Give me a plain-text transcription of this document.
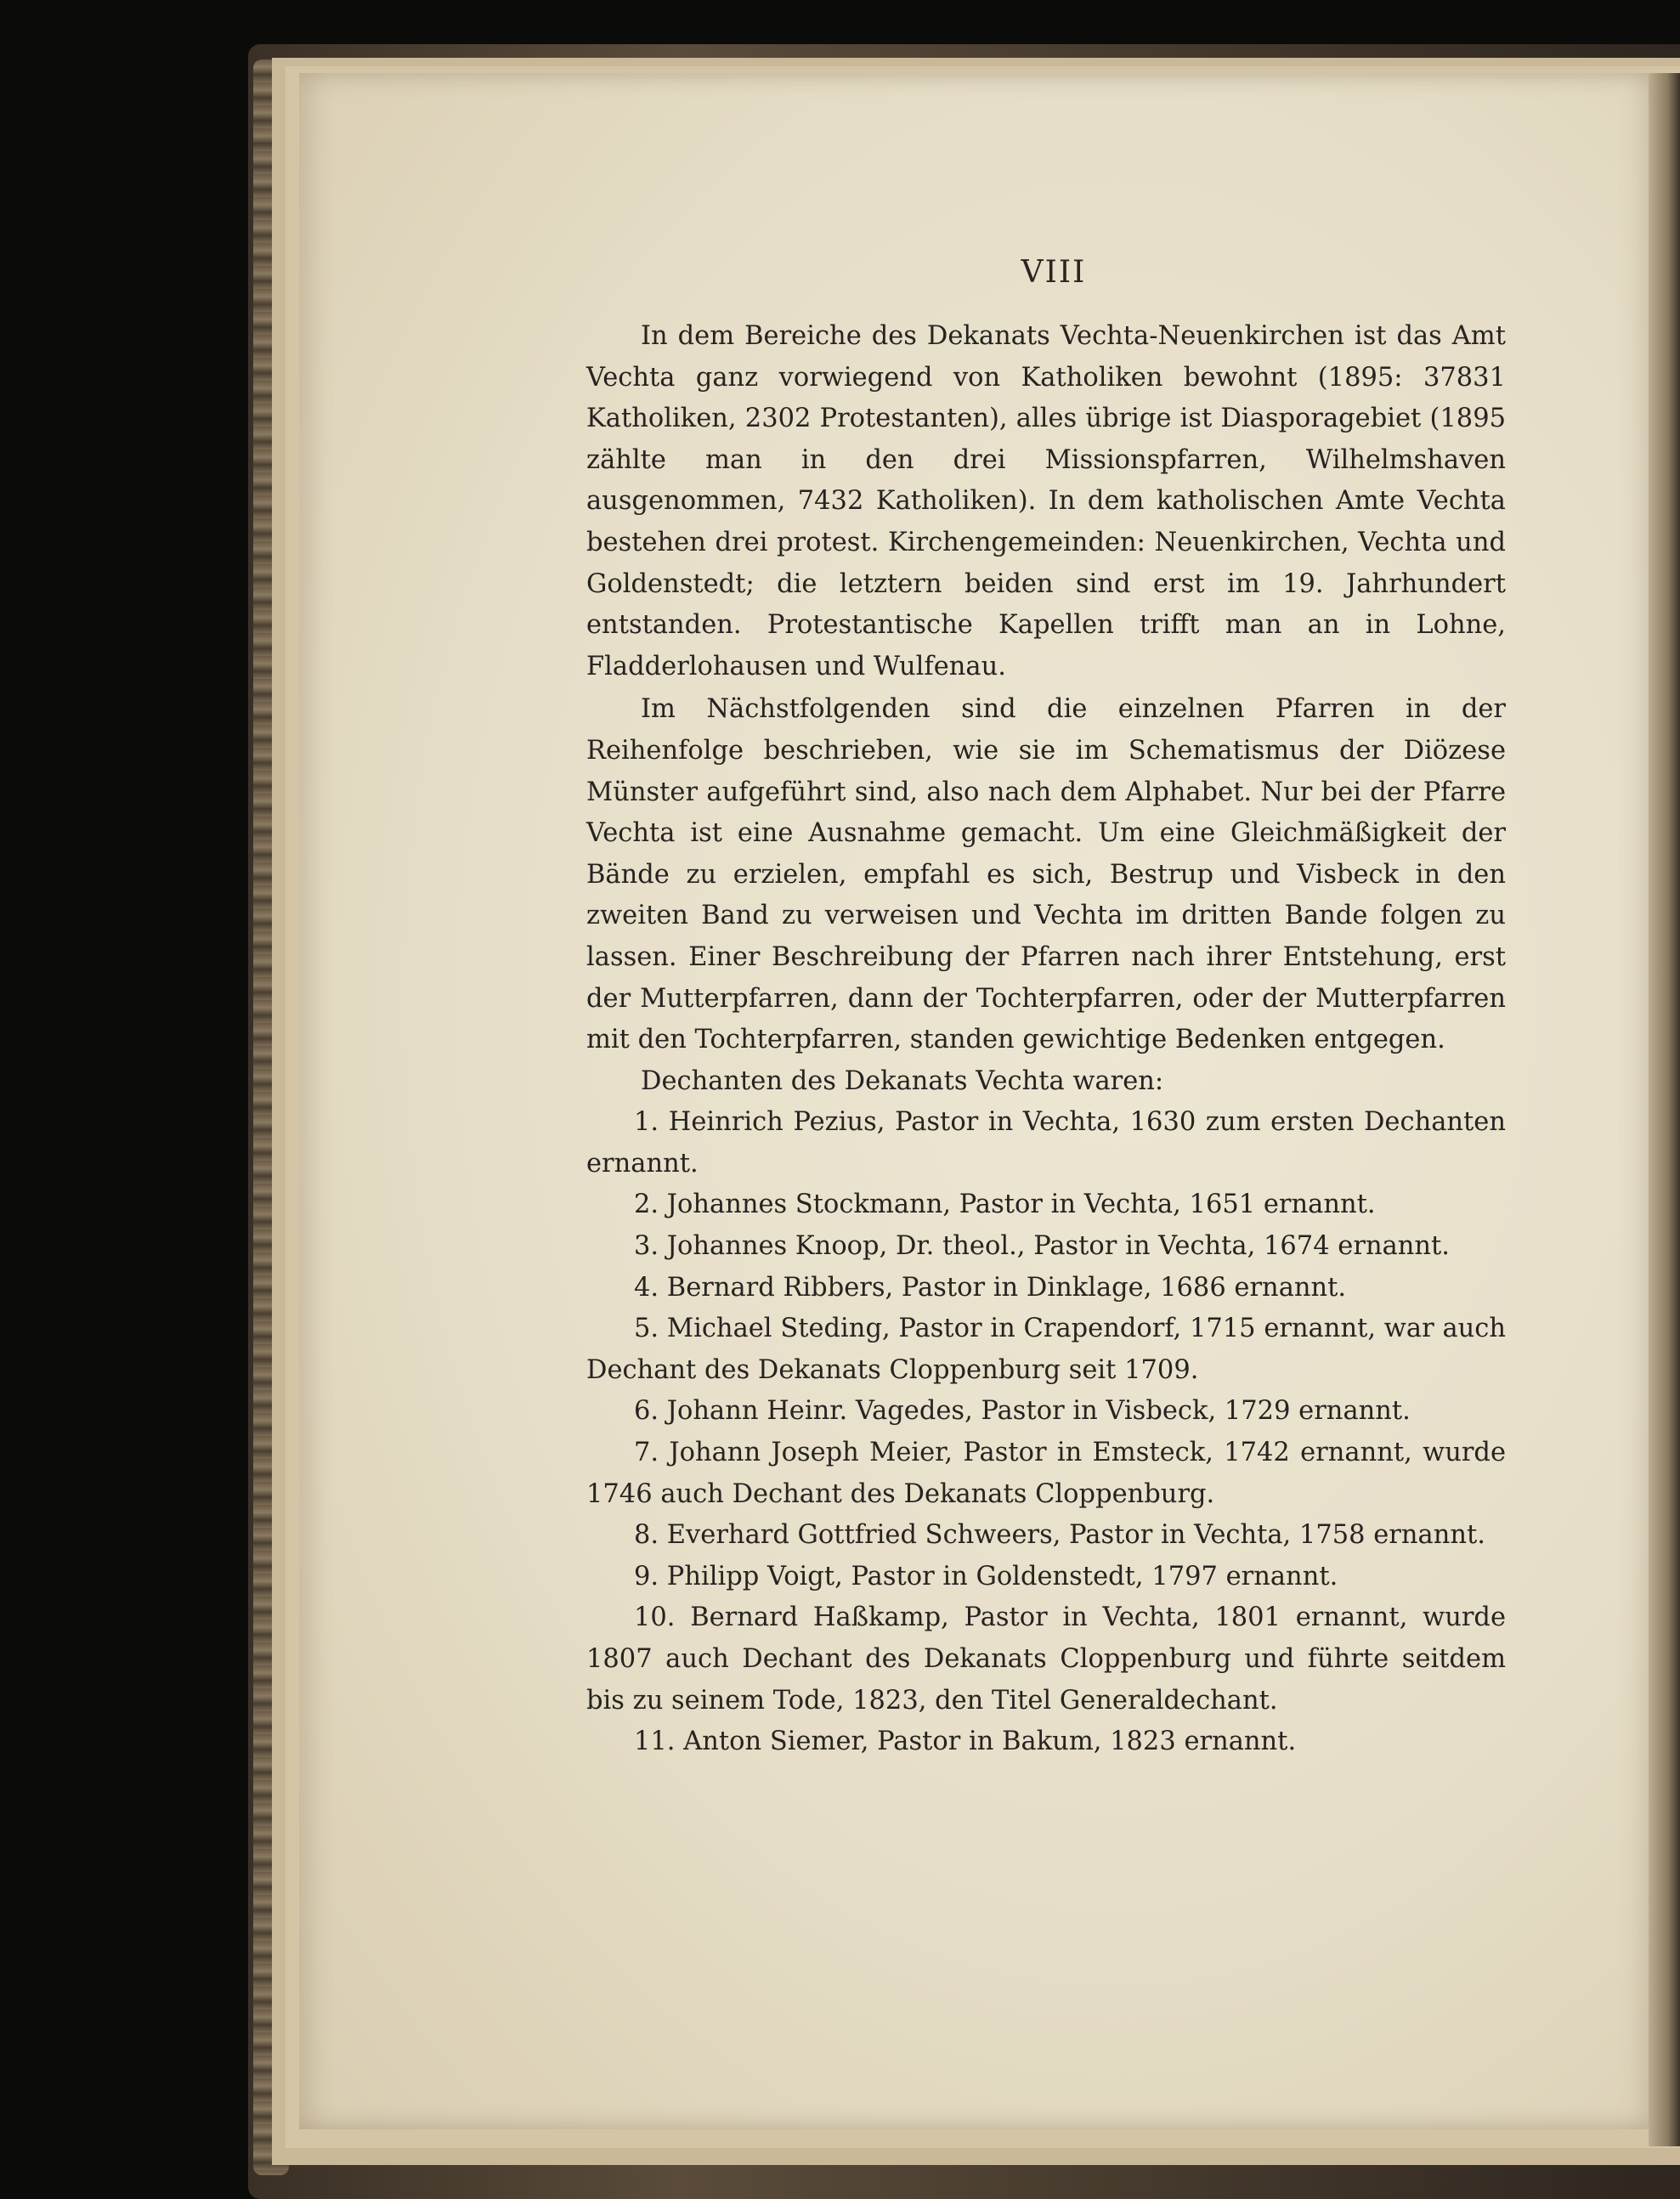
VIII

In dem Bereiche des Dekanats Vechta-Neuenkirchen ist das Amt Vechta ganz vorwiegend von Katholiken bewohnt (1895: 37831 Katholiken, 2302 Protestanten), alles übrige ist Diasporagebiet (1895 zählte man in den drei Missionspfarren, Wilhelmshaven ausgenommen, 7432 Katholiken). In dem katholischen Amte Vechta bestehen drei protest. Kirchengemeinden: Neuenkirchen, Vechta und Goldenstedt; die letztern beiden sind erst im 19. Jahrhundert entstanden. Protestantische Kapellen trifft man an in Lohne, Fladderlohausen und Wulfenau.

Im Nächstfolgenden sind die einzelnen Pfarren in der Reihenfolge beschrieben, wie sie im Schematismus der Diözese Münster aufgeführt sind, also nach dem Alphabet. Nur bei der Pfarre Vechta ist eine Ausnahme gemacht. Um eine Gleichmäßigkeit der Bände zu erzielen, empfahl es sich, Bestrup und Visbeck in den zweiten Band zu verweisen und Vechta im dritten Bande folgen zu lassen. Einer Beschreibung der Pfarren nach ihrer Entstehung, erst der Mutterpfarren, dann der Tochterpfarren, oder der Mutterpfarren mit den Tochterpfarren, standen gewichtige Bedenken entgegen.

Dechanten des Dekanats Vechta waren:

1. Heinrich Pezius, Pastor in Vechta, 1630 zum ersten Dechanten ernannt.

2. Johannes Stockmann, Pastor in Vechta, 1651 ernannt.

3. Johannes Knoop, Dr. theol., Pastor in Vechta, 1674 ernannt.

4. Bernard Ribbers, Pastor in Dinklage, 1686 ernannt.

5. Michael Steding, Pastor in Crapendorf, 1715 ernannt, war auch Dechant des Dekanats Cloppenburg seit 1709.

6. Johann Heinr. Vagedes, Pastor in Visbeck, 1729 ernannt.

7. Johann Joseph Meier, Pastor in Emsteck, 1742 ernannt, wurde 1746 auch Dechant des Dekanats Cloppenburg.

8. Everhard Gottfried Schweers, Pastor in Vechta, 1758 ernannt.

9. Philipp Voigt, Pastor in Goldenstedt, 1797 ernannt.

10. Bernard Haßkamp, Pastor in Vechta, 1801 ernannt, wurde 1807 auch Dechant des Dekanats Cloppenburg und führte seitdem bis zu seinem Tode, 1823, den Titel Generaldechant.

11. Anton Siemer, Pastor in Bakum, 1823 ernannt.
